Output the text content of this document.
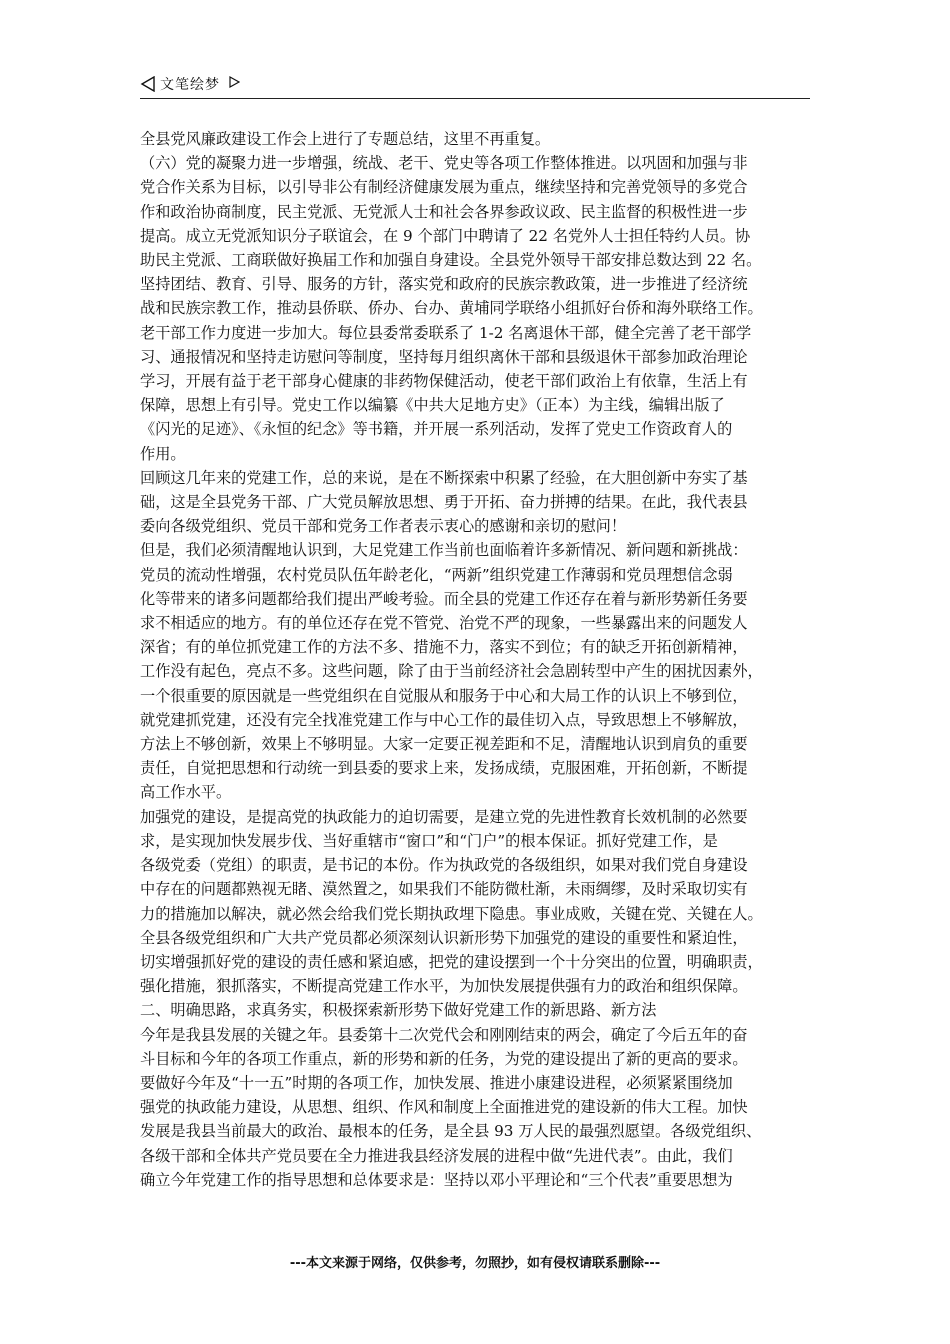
文笔绘梦

全县党风廉政建设工作会上进行了专题总结，这里不再重复。

（六）党的凝聚力进一步增强，统战、老干、党史等各项工作整体推进。以巩固和加强与非

党合作关系为目标，以引导非公有制经济健康发展为重点，继续坚持和完善党领导的多党合

作和政治协商制度，民主党派、无党派人士和社会各界参政议政、民主监督的积极性进一步

提高。成立无党派知识分子联谊会，在 9 个部门中聘请了 22 名党外人士担任特约人员。协

助民主党派、工商联做好换届工作和加强自身建设。全县党外领导干部安排总数达到 22 名。

坚持团结、教育、引导、服务的方针，落实党和政府的民族宗教政策，进一步推进了经济统

战和民族宗教工作，推动县侨联、侨办、台办、黄埔同学联络小组抓好台侨和海外联络工作。

老干部工作力度进一步加大。每位县委常委联系了 1-2 名离退休干部，健全完善了老干部学

习、通报情况和坚持走访慰问等制度，坚持每月组织离休干部和县级退休干部参加政治理论

学习，开展有益于老干部身心健康的非药物保健活动，使老干部们政治上有依靠，生活上有

保障，思想上有引导。党史工作以编纂《中共大足地方史》（正本）为主线，编辑出版了

《闪光的足迹》、《永恒的纪念》等书籍，并开展一系列活动，发挥了党史工作资政育人的

作用。

回顾这几年来的党建工作，总的来说，是在不断探索中积累了经验，在大胆创新中夯实了基

础，这是全县党务干部、广大党员解放思想、勇于开拓、奋力拼搏的结果。在此，我代表县

委向各级党组织、党员干部和党务工作者表示衷心的感谢和亲切的慰问！

但是，我们必须清醒地认识到，大足党建工作当前也面临着许多新情况、新问题和新挑战：

党员的流动性增强，农村党员队伍年龄老化，“两新”组织党建工作薄弱和党员理想信念弱

化等带来的诸多问题都给我们提出严峻考验。而全县的党建工作还存在着与新形势新任务要

求不相适应的地方。有的单位还存在党不管党、治党不严的现象，一些暴露出来的问题发人

深省；有的单位抓党建工作的方法不多、措施不力，落实不到位；有的缺乏开拓创新精神，

工作没有起色，亮点不多。这些问题，除了由于当前经济社会急剧转型中产生的困扰因素外，

一个很重要的原因就是一些党组织在自觉服从和服务于中心和大局工作的认识上不够到位，

就党建抓党建，还没有完全找准党建工作与中心工作的最佳切入点，导致思想上不够解放，

方法上不够创新，效果上不够明显。大家一定要正视差距和不足，清醒地认识到肩负的重要

责任，自觉把思想和行动统一到县委的要求上来，发扬成绩，克服困难，开拓创新，不断提

高工作水平。

加强党的建设，是提高党的执政能力的迫切需要，是建立党的先进性教育长效机制的必然要

求，是实现加快发展步伐、当好重辖市“窗口”和“门户”的根本保证。抓好党建工作，是

各级党委（党组）的职责，是书记的本份。作为执政党的各级组织，如果对我们党自身建设

中存在的问题都熟视无睹、漠然置之，如果我们不能防微杜渐，未雨绸缪，及时采取切实有

力的措施加以解决，就必然会给我们党长期执政埋下隐患。事业成败，关键在党、关键在人。

全县各级党组织和广大共产党员都必须深刻认识新形势下加强党的建设的重要性和紧迫性，

切实增强抓好党的建设的责任感和紧迫感，把党的建设摆到一个十分突出的位置，明确职责，

强化措施，狠抓落实，不断提高党建工作水平，为加快发展提供强有力的政治和组织保障。

二、明确思路，求真务实，积极探索新形势下做好党建工作的新思路、新方法

今年是我县发展的关键之年。县委第十二次党代会和刚刚结束的两会，确定了今后五年的奋

斗目标和今年的各项工作重点，新的形势和新的任务，为党的建设提出了新的更高的要求。

要做好今年及“十一五”时期的各项工作，加快发展、推进小康建设进程，必须紧紧围绕加

强党的执政能力建设，从思想、组织、作风和制度上全面推进党的建设新的伟大工程。加快

发展是我县当前最大的政治、最根本的任务，是全县 93 万人民的最强烈愿望。各级党组织、

各级干部和全体共产党员要在全力推进我县经济发展的进程中做“先进代表”。由此，我们

确立今年党建工作的指导思想和总体要求是：坚持以邓小平理论和“三个代表”重要思想为

---本文来源于网络，仅供参考，勿照抄，如有侵权请联系删除---
